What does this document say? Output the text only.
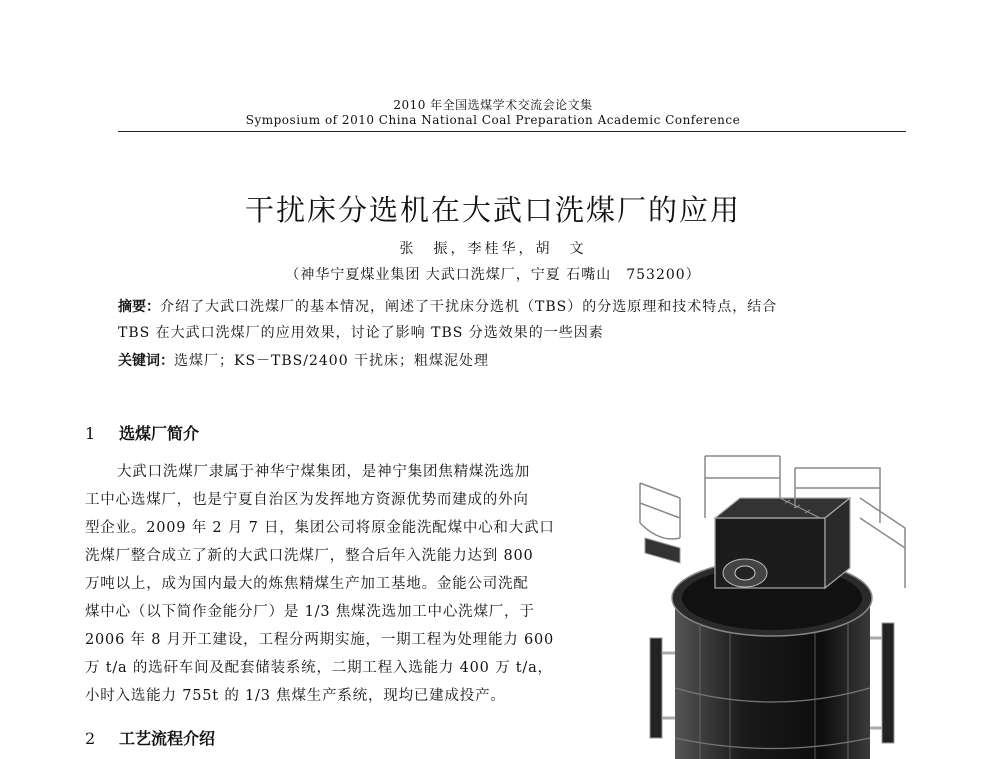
2010 年全国选煤学术交流会论文集
Symposium of 2010 China National Coal Preparation Academic Conference
干扰床分选机在大武口洗煤厂的应用
张　振，李桂华，胡　文
（神华宁夏煤业集团 大武口洗煤厂，宁夏 石嘴山　753200）
摘要：介绍了大武口洗煤厂的基本情况，阐述了干扰床分选机（TBS）的分选原理和技术特点，结合
TBS 在大武口洗煤厂的应用效果，讨论了影响 TBS 分选效果的一些因素
关键词：选煤厂；KS－TBS/2400 干扰床；粗煤泥处理
1 选煤厂简介
大武口洗煤厂隶属于神华宁煤集团，是神宁集团焦精煤洗选加
工中心选煤厂，也是宁夏自治区为发挥地方资源优势而建成的外向
型企业。2009 年 2 月 7 日，集团公司将原金能洗配煤中心和大武口
洗煤厂整合成立了新的大武口洗煤厂，整合后年入洗能力达到 800
万吨以上，成为国内最大的炼焦精煤生产加工基地。金能公司洗配
煤中心（以下简作金能分厂）是 1/3 焦煤洗选加工中心洗煤厂，于
2006 年 8 月开工建设，工程分两期实施，一期工程为处理能力 600
万 t/a 的选矸车间及配套储装系统，二期工程入选能力 400 万 t/a，
小时入选能力 755t 的 1/3 焦煤生产系统，现均已建成投产。
2 工艺流程介绍
